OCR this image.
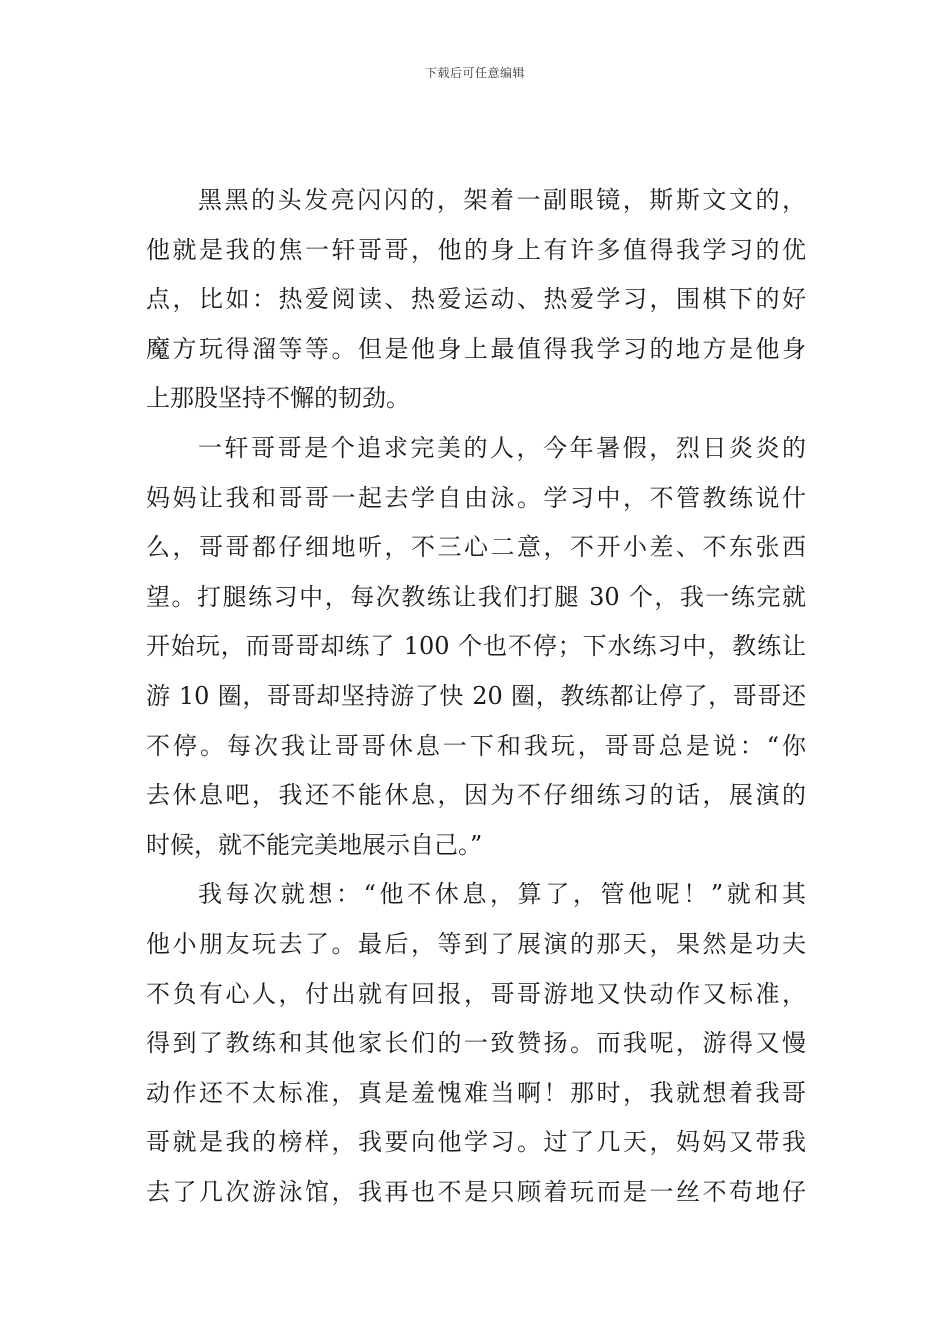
下载后可任意编辑
黑黑的头发亮闪闪的，架着一副眼镜，斯斯文文的，
他就是我的焦一轩哥哥，他的身上有许多值得我学习的优
点，比如：热爱阅读、热爱运动、热爱学习，围棋下的好
魔方玩得溜等等。但是他身上最值得我学习的地方是他身
上那股坚持不懈的韧劲。
一轩哥哥是个追求完美的人，今年暑假，烈日炎炎的
妈妈让我和哥哥一起去学自由泳。学习中，不管教练说什
么，哥哥都仔细地听，不三心二意，不开小差、不东张西
望。打腿练习中，每次教练让我们打腿 30 个，我一练完就
开始玩，而哥哥却练了 100 个也不停；下水练习中，教练让
游 10 圈，哥哥却坚持游了快 20 圈，教练都让停了，哥哥还
不停。每次我让哥哥休息一下和我玩，哥哥总是说：“你
去休息吧，我还不能休息，因为不仔细练习的话，展演的
时候，就不能完美地展示自己。”
我每次就想：“他不休息，算了，管他呢！”就和其
他小朋友玩去了。最后，等到了展演的那天，果然是功夫
不负有心人，付出就有回报，哥哥游地又快动作又标准，
得到了教练和其他家长们的一致赞扬。而我呢，游得又慢
动作还不太标准，真是羞愧难当啊！那时，我就想着我哥
哥就是我的榜样，我要向他学习。过了几天，妈妈又带我
去了几次游泳馆，我再也不是只顾着玩而是一丝不苟地仔
